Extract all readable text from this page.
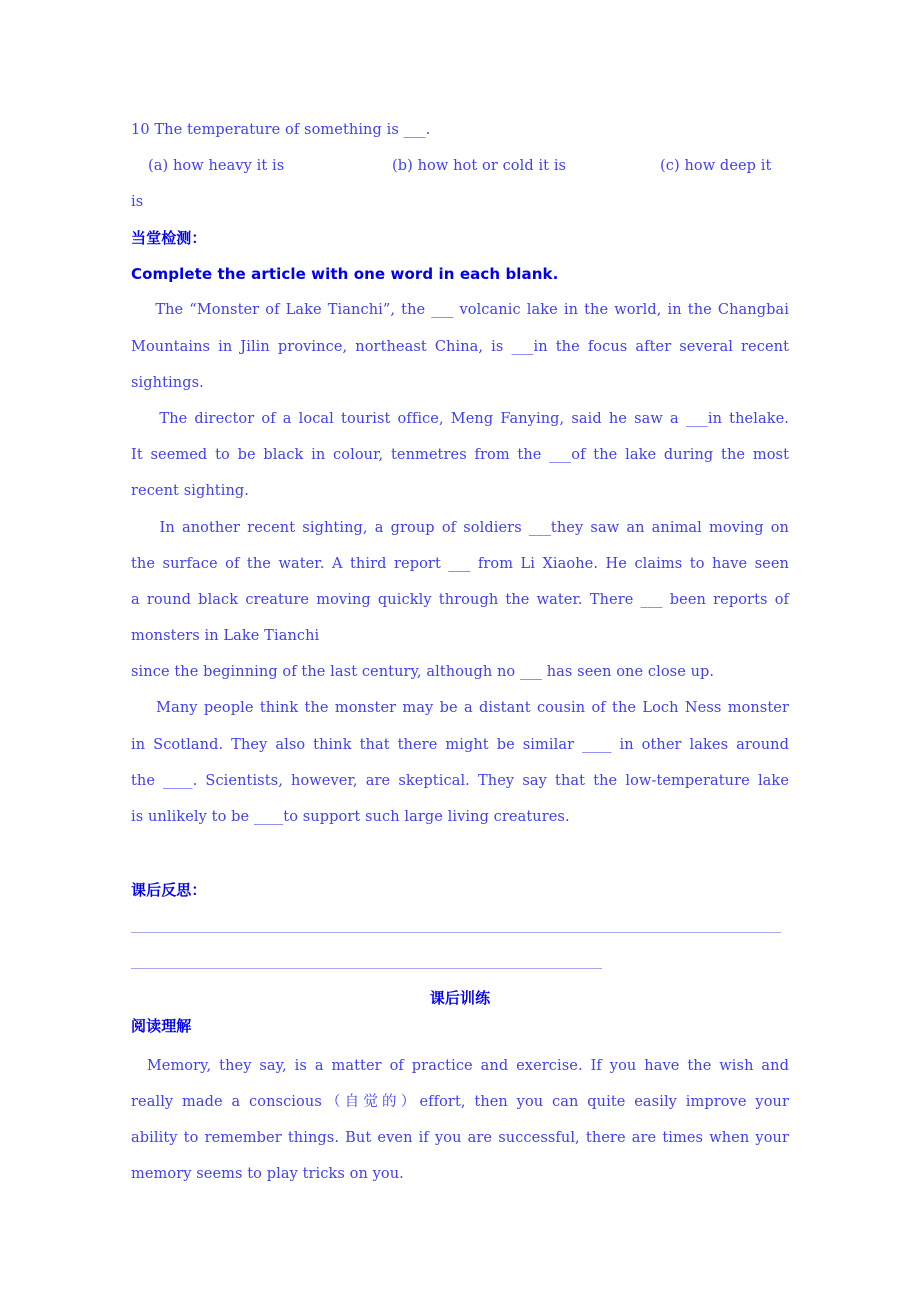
10 The temperature of something is ___.
(a) how heavy it is	(b) how hot or cold it is	(c) how deep it
is
当堂检测：
Complete the article with one word in each blank.
The “Monster of Lake Tianchi”, the ___ volcanic lake in the world, in the Changbai
Mountains in Jilin province, northeast China, is ___in the focus after several recent
sightings.
The director of a local tourist office, Meng Fanying, said he saw a ___in thelake.
It seemed to be black in colour, tenmetres from the ___of the lake during the most
recent sighting.
In another recent sighting, a group of soldiers ___they saw an animal moving on
the surface of the water. A third report ___ from Li Xiaohe. He claims to have seen
a round black creature moving quickly through the water. There ___ been reports of
monsters in Lake Tianchi
since the beginning of the last century, although no ___ has seen one close up.
Many people think the monster may be a distant cousin of the Loch Ness monster
in Scotland. They also think that there might be similar ____ in other lakes around
the ____. Scientists, however, are skeptical. They say that the low-temperature lake
is unlikely to be ____to support such large living creatures.
课后反思：
课后训练
阅读理解
Memory, they say, is a matter of practice and exercise. If you have the wish and
really made a conscious（自觉的）effort, then you can quite easily improve your
ability to remember things. But even if you are successful, there are times when your
memory seems to play tricks on you.
